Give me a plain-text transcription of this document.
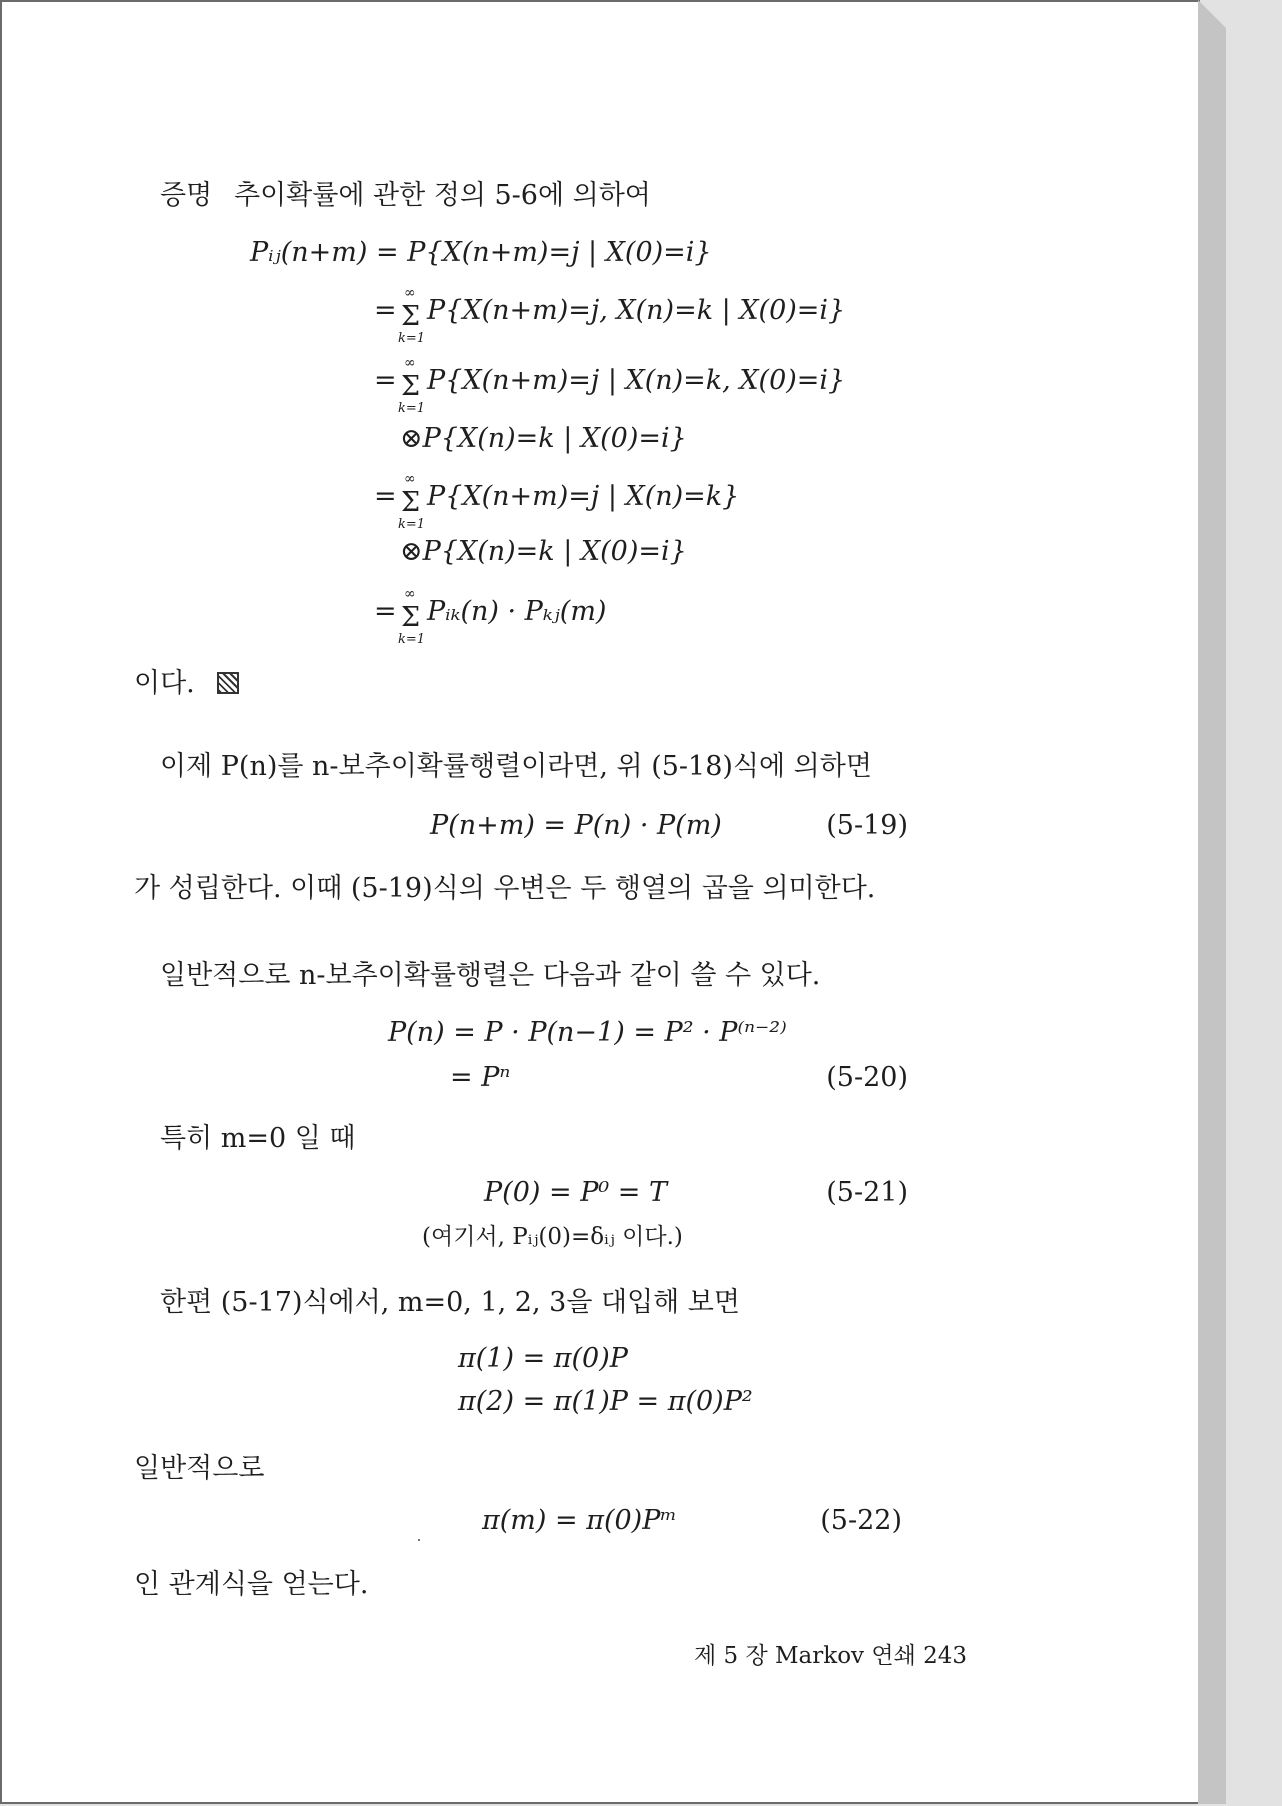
증명 추이확률에 관한 정의 5-6에 의하여
Pᵢⱼ(n+m) = P{X(n+m)=j | X(0)=i}
=
∞
Σ
k=1
P{X(n+m)=j, X(n)=k | X(0)=i}
=
∞
Σ
k=1
P{X(n+m)=j | X(n)=k, X(0)=i}
⊗P{X(n)=k | X(0)=i}
=
∞
Σ
k=1
P{X(n+m)=j | X(n)=k}
⊗P{X(n)=k | X(0)=i}
=
∞
Σ
k=1
Pᵢₖ(n) · Pₖⱼ(m)
이다.
이제 P(n)를 n-보추이확률행렬이라면, 위 (5-18)식에 의하면
P(n+m) = P(n) · P(m)	(5-19)
가 성립한다. 이때 (5-19)식의 우변은 두 행열의 곱을 의미한다.
일반적으로 n-보추이확률행렬은 다음과 같이 쓸 수 있다.
P(n) = P · P(n−1) = P² · P⁽ⁿ⁻²⁾
= Pⁿ	(5-20)
특히 m=0 일 때
P(0) = P⁰ = T	(5-21)
(여기서, Pᵢⱼ(0)=δᵢⱼ 이다.)
한편 (5-17)식에서, m=0, 1, 2, 3을 대입해 보면
π(1) = π(0)P
π(2) = π(1)P = π(0)P²
일반적으로
π(m) = π(0)Pᵐ	(5-22)
인 관계식을 얻는다.
제 5 장 Markov 연쇄 243
